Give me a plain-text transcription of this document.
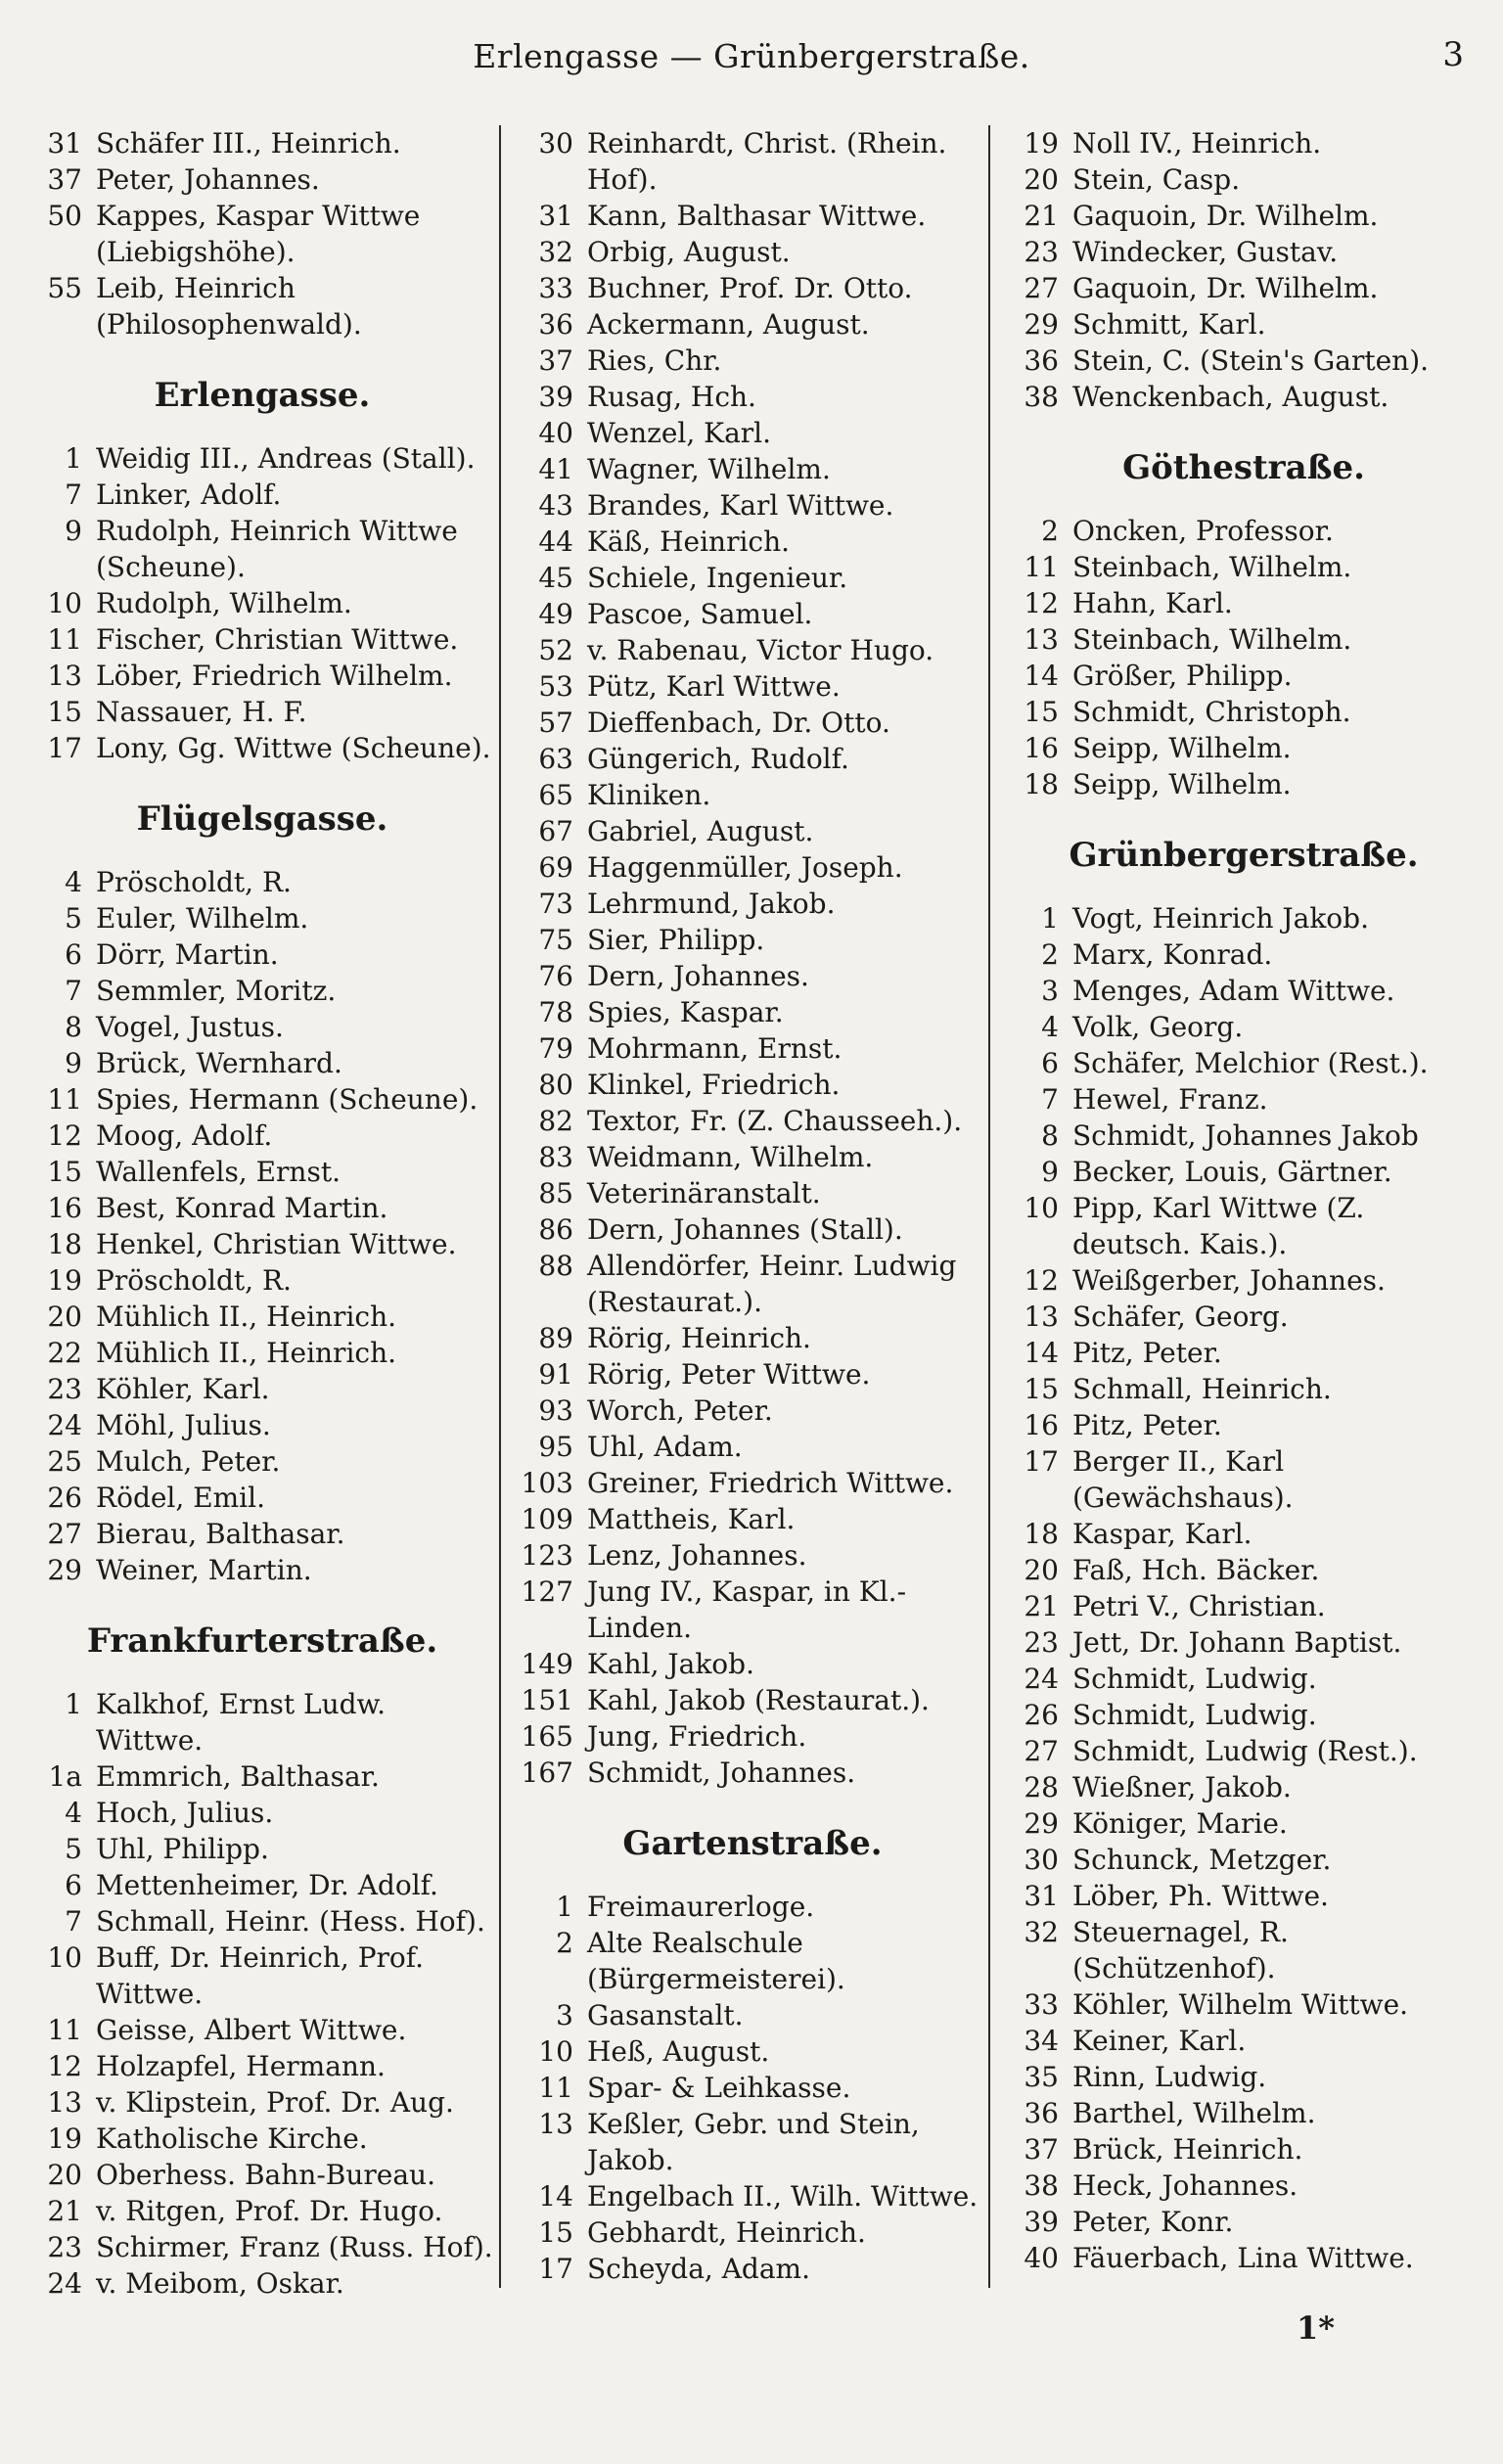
Erlengasse — Grünbergerstraße.	3
31 Schäfer III., Heinrich.
37 Peter, Johannes.
50 Kappes, Kaspar Wittwe (Liebigshöhe).
55 Leib, Heinrich (Philosophenwald).
Erlengasse.
1 Weidig III., Andreas (Stall).
7 Linker, Adolf.
9 Rudolph, Heinrich Wittwe (Scheune).
10 Rudolph, Wilhelm.
11 Fischer, Christian Wittwe.
13 Löber, Friedrich Wilhelm.
15 Nassauer, H. F.
17 Lony, Gg. Wittwe (Scheune).
Flügelsgasse.
4 Pröscholdt, R.
5 Euler, Wilhelm.
6 Dörr, Martin.
7 Semmler, Moritz.
8 Vogel, Justus.
9 Brück, Wernhard.
11 Spies, Hermann (Scheune).
12 Moog, Adolf.
15 Wallenfels, Ernst.
16 Best, Konrad Martin.
18 Henkel, Christian Wittwe.
19 Pröscholdt, R.
20 Mühlich II., Heinrich.
22 Mühlich II., Heinrich.
23 Köhler, Karl.
24 Möhl, Julius.
25 Mulch, Peter.
26 Rödel, Emil.
27 Bierau, Balthasar.
29 Weiner, Martin.
Frankfurterstraße.
1 Kalkhof, Ernst Ludw. Wittwe.
1a Emmrich, Balthasar.
4 Hoch, Julius.
5 Uhl, Philipp.
6 Mettenheimer, Dr. Adolf.
7 Schmall, Heinr. (Hess. Hof).
10 Buff, Dr. Heinrich, Prof. Wittwe.
11 Geisse, Albert Wittwe.
12 Holzapfel, Hermann.
13 v. Klipstein, Prof. Dr. Aug.
19 Katholische Kirche.
20 Oberhess. Bahn-Bureau.
21 v. Ritgen, Prof. Dr. Hugo.
23 Schirmer, Franz (Russ. Hof).
24 v. Meibom, Oskar.
30 Reinhardt, Christ. (Rhein. Hof).
31 Kann, Balthasar Wittwe.
32 Orbig, August.
33 Buchner, Prof. Dr. Otto.
36 Ackermann, August.
37 Ries, Chr.
39 Rusag, Hch.
40 Wenzel, Karl.
41 Wagner, Wilhelm.
43 Brandes, Karl Wittwe.
44 Käß, Heinrich.
45 Schiele, Ingenieur.
49 Pascoe, Samuel.
52 v. Rabenau, Victor Hugo.
53 Pütz, Karl Wittwe.
57 Dieffenbach, Dr. Otto.
63 Güngerich, Rudolf.
65 Kliniken.
67 Gabriel, August.
69 Haggenmüller, Joseph.
73 Lehrmund, Jakob.
75 Sier, Philipp.
76 Dern, Johannes.
78 Spies, Kaspar.
79 Mohrmann, Ernst.
80 Klinkel, Friedrich.
82 Textor, Fr. (Z. Chausseeh.).
83 Weidmann, Wilhelm.
85 Veterinäranstalt.
86 Dern, Johannes (Stall).
88 Allendörfer, Heinr. Ludwig (Restaurat.).
89 Rörig, Heinrich.
91 Rörig, Peter Wittwe.
93 Worch, Peter.
95 Uhl, Adam.
103 Greiner, Friedrich Wittwe.
109 Mattheis, Karl.
123 Lenz, Johannes.
127 Jung IV., Kaspar, in Kl.-Linden.
149 Kahl, Jakob.
151 Kahl, Jakob (Restaurat.).
165 Jung, Friedrich.
167 Schmidt, Johannes.
Gartenstraße.
1 Freimaurerloge.
2 Alte Realschule (Bürgermeisterei).
3 Gasanstalt.
10 Heß, August.
11 Spar- & Leihkasse.
13 Keßler, Gebr. und Stein, Jakob.
14 Engelbach II., Wilh. Wittwe.
15 Gebhardt, Heinrich.
17 Scheyda, Adam.
19 Noll IV., Heinrich.
20 Stein, Casp.
21 Gaquoin, Dr. Wilhelm.
23 Windecker, Gustav.
27 Gaquoin, Dr. Wilhelm.
29 Schmitt, Karl.
36 Stein, C. (Stein's Garten).
38 Wenckenbach, August.
Göthestraße.
2 Oncken, Professor.
11 Steinbach, Wilhelm.
12 Hahn, Karl.
13 Steinbach, Wilhelm.
14 Größer, Philipp.
15 Schmidt, Christoph.
16 Seipp, Wilhelm.
18 Seipp, Wilhelm.
Grünbergerstraße.
1 Vogt, Heinrich Jakob.
2 Marx, Konrad.
3 Menges, Adam Wittwe.
4 Volk, Georg.
6 Schäfer, Melchior (Rest.).
7 Hewel, Franz.
8 Schmidt, Johannes Jakob
9 Becker, Louis, Gärtner.
10 Pipp, Karl Wittwe (Z. deutsch. Kais.).
12 Weißgerber, Johannes.
13 Schäfer, Georg.
14 Pitz, Peter.
15 Schmall, Heinrich.
16 Pitz, Peter.
17 Berger II., Karl (Gewächshaus).
18 Kaspar, Karl.
20 Faß, Hch. Bäcker.
21 Petri V., Christian.
23 Jett, Dr. Johann Baptist.
24 Schmidt, Ludwig.
26 Schmidt, Ludwig.
27 Schmidt, Ludwig (Rest.).
28 Wießner, Jakob.
29 Königer, Marie.
30 Schunck, Metzger.
31 Löber, Ph. Wittwe.
32 Steuernagel, R. (Schützenhof).
33 Köhler, Wilhelm Wittwe.
34 Keiner, Karl.
35 Rinn, Ludwig.
36 Barthel, Wilhelm.
37 Brück, Heinrich.
38 Heck, Johannes.
39 Peter, Konr.
40 Fäuerbach, Lina Wittwe.
1*
